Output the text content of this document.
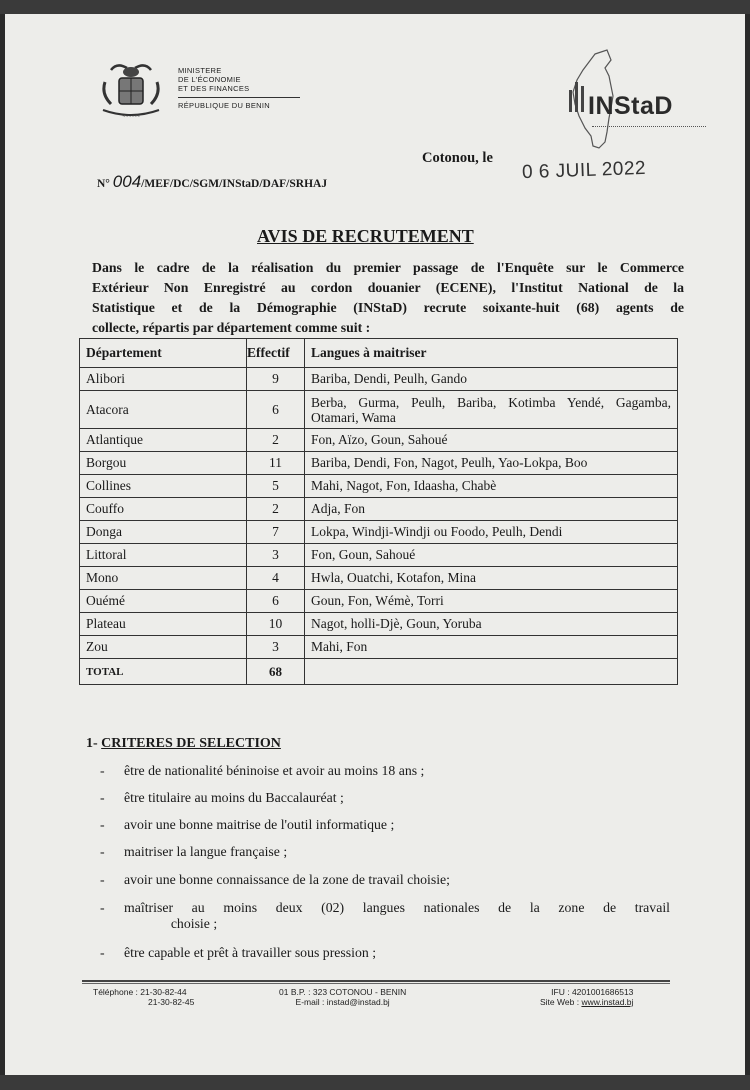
~~~~~~
MINISTERE
DE L'ÉCONOMIE
ET DES FINANCES
RÉPUBLIQUE DU BENIN	INStaD
Cotonou, le 0 6 JUIL 2022
N° 004/MEF/DC/SGM/INStaD/DAF/SRHAJ
AVIS DE RECRUTEMENT
Dans le cadre de la réalisation du premier passage de l'Enquête sur le Commerce
Extérieur Non Enregistré au cordon douanier (ECENE), l'Institut National de la
Statistique et de la Démographie (INStaD) recrute soixante-huit (68) agents de
collecte, répartis par département comme suit :
Département	Effectif	Langues à maitriser
Alibori	9	Bariba, Dendi, Peulh, Gando
Atacora	6	Berba, Gurma, Peulh, Bariba, Kotimba Yendé, Gagamba, Otamari, Wama
Atlantique	2	Fon, Aïzo, Goun, Sahoué
Borgou	11	Bariba, Dendi, Fon, Nagot, Peulh, Yao-Lokpa, Boo
Collines	5	Mahi, Nagot, Fon, Idaasha, Chabè
Couffo	2	Adja, Fon
Donga	7	Lokpa, Windji-Windji ou Foodo, Peulh, Dendi
Littoral	3	Fon, Goun, Sahoué
Mono	4	Hwla, Ouatchi, Kotafon, Mina
Ouémé	6	Goun, Fon, Wémè, Torri
Plateau	10	Nagot, holli-Djè, Goun, Yoruba
Zou	3	Mahi, Fon
TOTAL	68	
1- CRITERES DE SELECTION
- être de nationalité béninoise et avoir au moins 18 ans ;
- être titulaire au moins du Baccalauréat ;
- avoir une bonne maitrise de l'outil informatique ;
- maitriser la langue française ;
- avoir une bonne connaissance de la zone de travail choisie;
- maîtriser au moins deux (02) langues nationales de la zone de travail
choisie ;
- être capable et prêt à travailler sous pression ;
Téléphone : 21-30-82-44
21-30-82-45
01 B.P. : 323 COTONOU - BENIN
E-mail : instad@instad.bj
IFU : 4201001686513
Site Web : www.instad.bj
